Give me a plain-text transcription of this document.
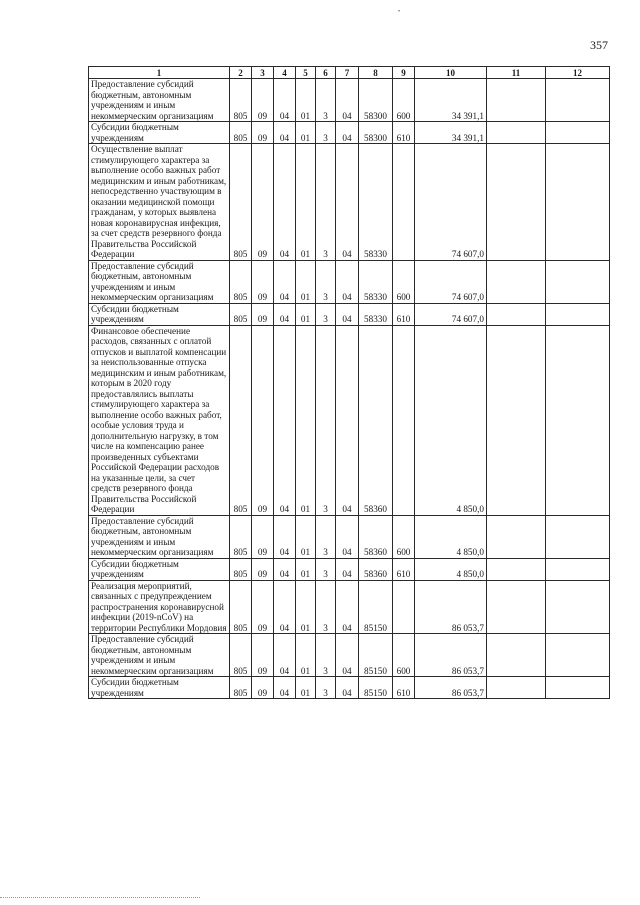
•
357
1	2	3	4	5	6	7	8	9	10	11	12
Предоставление субсидий бюджетным, автономным учреждениям и иным некоммерческим организациям	805	09	04	01	3	04	58300	600	34 391,1		
Субсидии бюджетным учреждениям	805	09	04	01	3	04	58300	610	34 391,1		
Осуществление выплат стимулирующего характера за выполнение особо важных работ медицинским и иным работникам, непосредственно участвующим в оказании медицинской помощи гражданам, у которых выявлена новая коронавирусная инфекция, за счет средств резервного фонда Правительства Российской Федерации	805	09	04	01	3	04	58330		74 607,0		
Предоставление субсидий бюджетным, автономным учреждениям и иным некоммерческим организациям	805	09	04	01	3	04	58330	600	74 607,0		
Субсидии бюджетным учреждениям	805	09	04	01	3	04	58330	610	74 607,0		
Финансовое обеспечение расходов, связанных с оплатой отпусков и выплатой компенсации за неиспользованные отпуска медицинским и иным работникам, которым в 2020 году предоставлялись выплаты стимулирующего характера за выполнение особо важных работ, особые условия труда и дополнительную нагрузку, в том числе на компенсацию ранее произведенных субъектами Российской Федерации расходов на указанные цели, за счет средств резервного фонда Правительства Российской Федерации	805	09	04	01	3	04	58360		4 850,0		
Предоставление субсидий бюджетным, автономным учреждениям и иным некоммерческим организациям	805	09	04	01	3	04	58360	600	4 850,0		
Субсидии бюджетным учреждениям	805	09	04	01	3	04	58360	610	4 850,0		
Реализация мероприятий, связанных с предупреждением распространения коронавирусной инфекции (2019-nCoV) на территории Республики Мордовия	805	09	04	01	3	04	85150		86 053,7		
Предоставление субсидий бюджетным, автономным учреждениям и иным некоммерческим организациям	805	09	04	01	3	04	85150	600	86 053,7		
Субсидии бюджетным учреждениям	805	09	04	01	3	04	85150	610	86 053,7		
